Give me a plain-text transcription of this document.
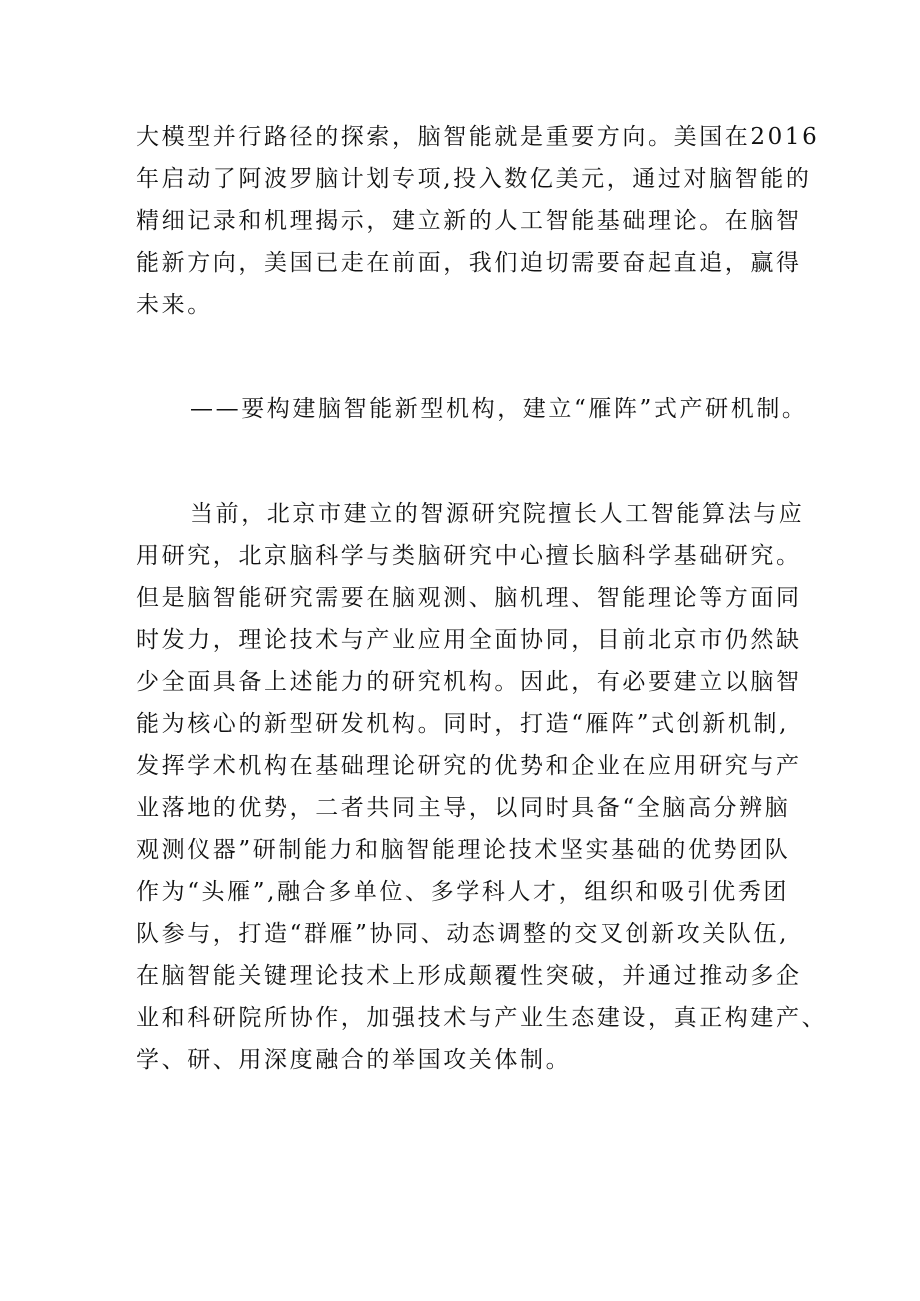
大模型并行路径的探索，脑智能就是重要方向。美国在2016

年启动了阿波罗脑计划专项,投入数亿美元，通过对脑智能的

精细记录和机理揭示，建立新的人工智能基础理论。在脑智

能新方向，美国已走在前面，我们迫切需要奋起直追，赢得

未来。

——要构建脑智能新型机构，建立“雁阵”式产研机制。

当前，北京市建立的智源研究院擅长人工智能算法与应

用研究，北京脑科学与类脑研究中心擅长脑科学基础研究。

但是脑智能研究需要在脑观测、脑机理、智能理论等方面同

时发力，理论技术与产业应用全面协同，目前北京市仍然缺

少全面具备上述能力的研究机构。因此，有必要建立以脑智

能为核心的新型研发机构。同时，打造“雁阵”式创新机制,

发挥学术机构在基础理论研究的优势和企业在应用研究与产

业落地的优势，二者共同主导，以同时具备“全脑高分辨脑

观测仪器”研制能力和脑智能理论技术坚实基础的优势团队

作为“头雁”,融合多单位、多学科人才，组织和吸引优秀团

队参与，打造“群雁”协同、动态调整的交叉创新攻关队伍,

在脑智能关键理论技术上形成颠覆性突破，并通过推动多企

业和科研院所协作，加强技术与产业生态建设，真正构建产、

学、研、用深度融合的举国攻关体制。
